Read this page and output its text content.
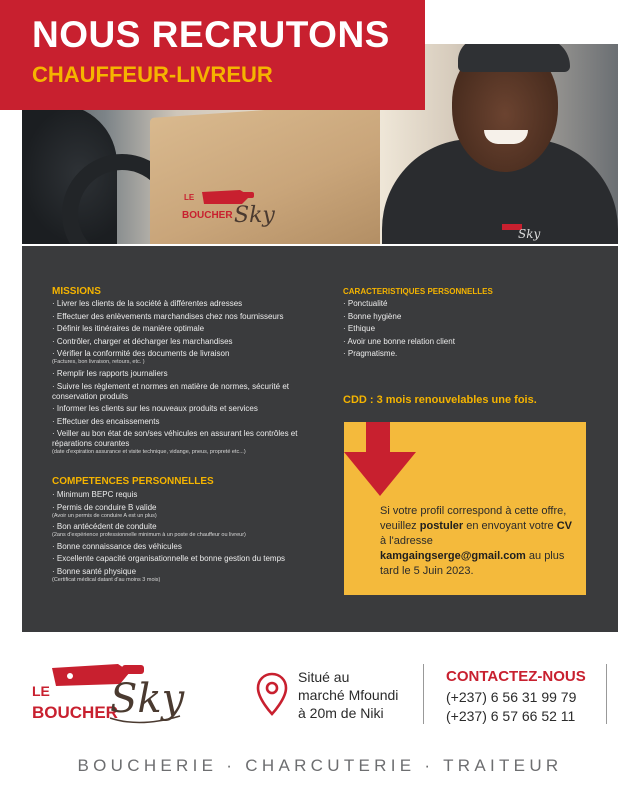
LE
BOUCHER Sky
Sky
NOUS RECRUTONS
CHAUFFEUR-LIVREUR
MISSIONS
· Livrer les clients de la société à différentes adresses
· Effectuer des enlèvements marchandises chez nos fournisseurs
· Définir les itinéraires de manière optimale
· Contrôler, charger et décharger les marchandises
· Vérifier la conformité des documents de livraison
(Factures, bon livraison, retours, etc. )
· Remplir les rapports journaliers
· Suivre les règlement et normes en matière de normes, sécurité et conservation produits
· Informer les clients sur les nouveaux produits et services
· Effectuer des encaissements
· Veiller au bon état de son/ses véhicules en assurant les contrôles et réparations courantes
(date d'expiration assurance et visite technique, vidange, pneus, propreté etc...)
COMPETENCES PERSONNELLES
· Minimum BEPC requis
· Permis de conduire B valide
(Avoir un permis de conduire A est un plus)
· Bon antécédent de conduite
(2ans d'expérience professionnelle minimum à un poste de chauffeur ou livreur)
· Bonne connaissance des véhicules
· Excellente capacité organisationnelle et bonne gestion du temps
· Bonne santé physique
(Certificat médical datant d'au moins 3 mois)
CARACTERISTIQUES PERSONNELLES
· Ponctualité
· Bonne hygiène
· Ethique
· Avoir une bonne relation client
· Pragmatisme.
CDD : 3 mois renouvelables une fois.
Si votre profil correspond à cette offre, veuillez postuler en envoyant votre CV à l'adresse kamgaingserge@gmail.com au plus tard le 5 Juin 2023.
LE
BOUCHER
Sky	Situé au
marché Mfoundi
à 20m de Niki
CONTACTEZ-NOUS
(+237) 6 56 31 99 79
(+237) 6 57 66 52 11
BOUCHERIE · CHARCUTERIE · TRAITEUR
